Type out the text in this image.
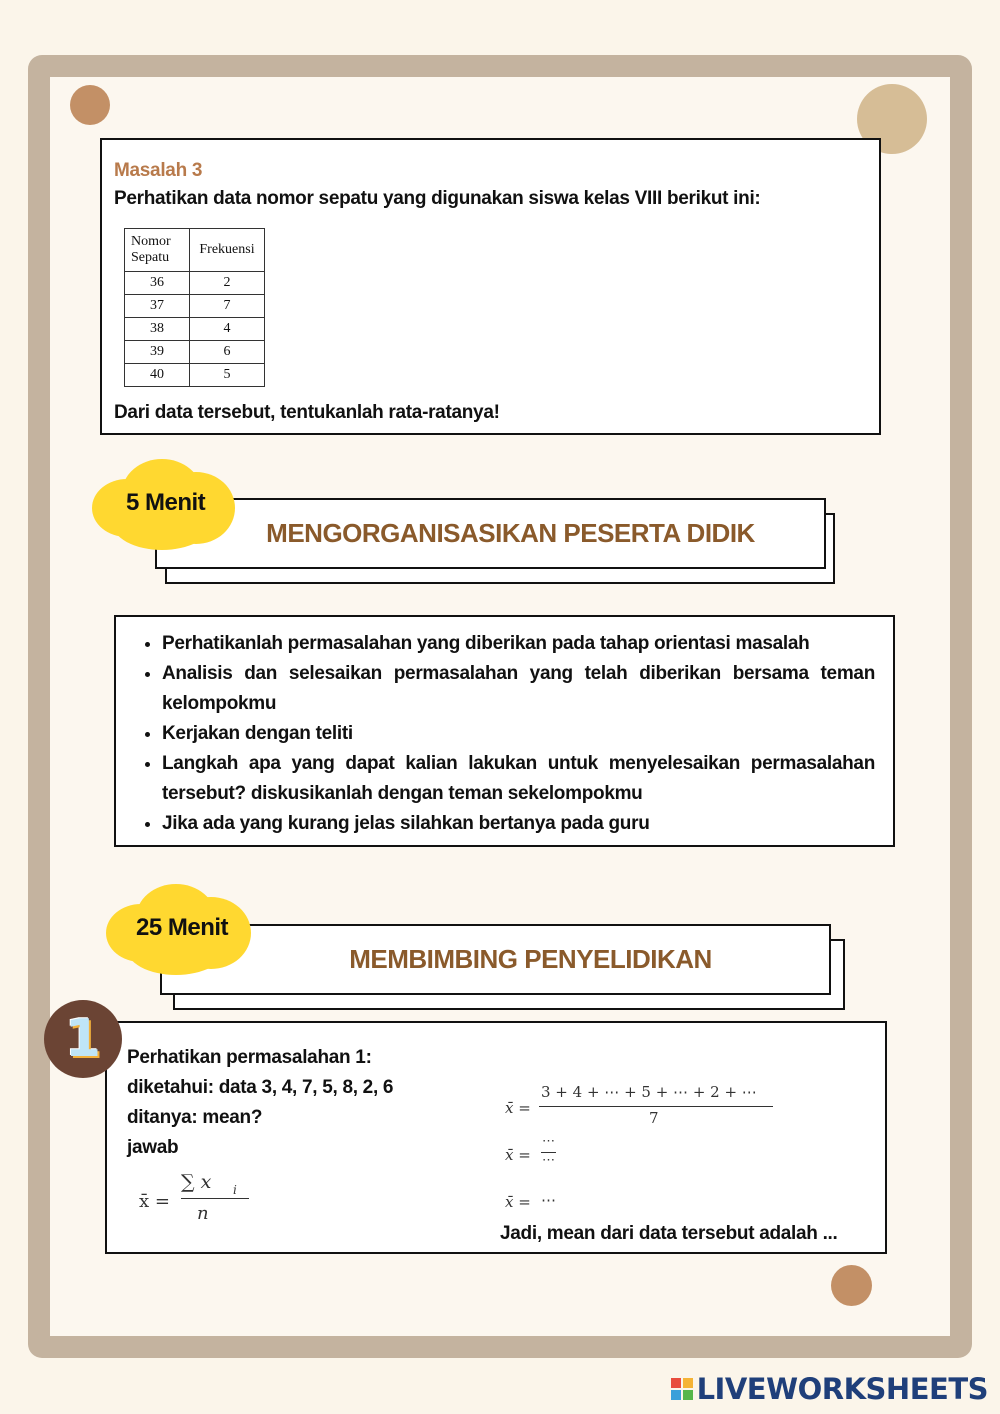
Masalah 3
Perhatikan data nomor sepatu yang digunakan siswa kelas VIII berikut ini:
Nomor Sepatu	Frekuensi
36	2
37	7
38	4
39	6
40	5
Dari data tersebut, tentukanlah rata-ratanya!
MENGORGANISASIKAN PESERTA DIDIK
5 Menit
• Perhatikanlah permasalahan yang diberikan pada tahap orientasi masalah
• Analisis dan selesaikan permasalahan yang telah diberikan bersama teman kelompokmu
• Kerjakan dengan teliti
• Langkah apa yang dapat kalian lakukan untuk menyelesaikan permasalahan tersebut? diskusikanlah dengan teman sekelompokmu
• Jika ada yang kurang jelas silahkan bertanya pada guru
MEMBIMBING PENYELIDIKAN
25 Menit
Perhatikan permasalahan 1:
diketahui: data 3, 4, 7, 5, 8, 2, 6
ditanya: mean?
jawab
x̄ =
∑ x i
n
x̄ =
3 + 4 + ⋯ + 5 + ⋯ + 2 + ⋯
7
x̄ =
⋯
⋯
x̄ = ⋯
Jadi, mean dari data tersebut adalah ...
1
LIVEWORKSHEETS
